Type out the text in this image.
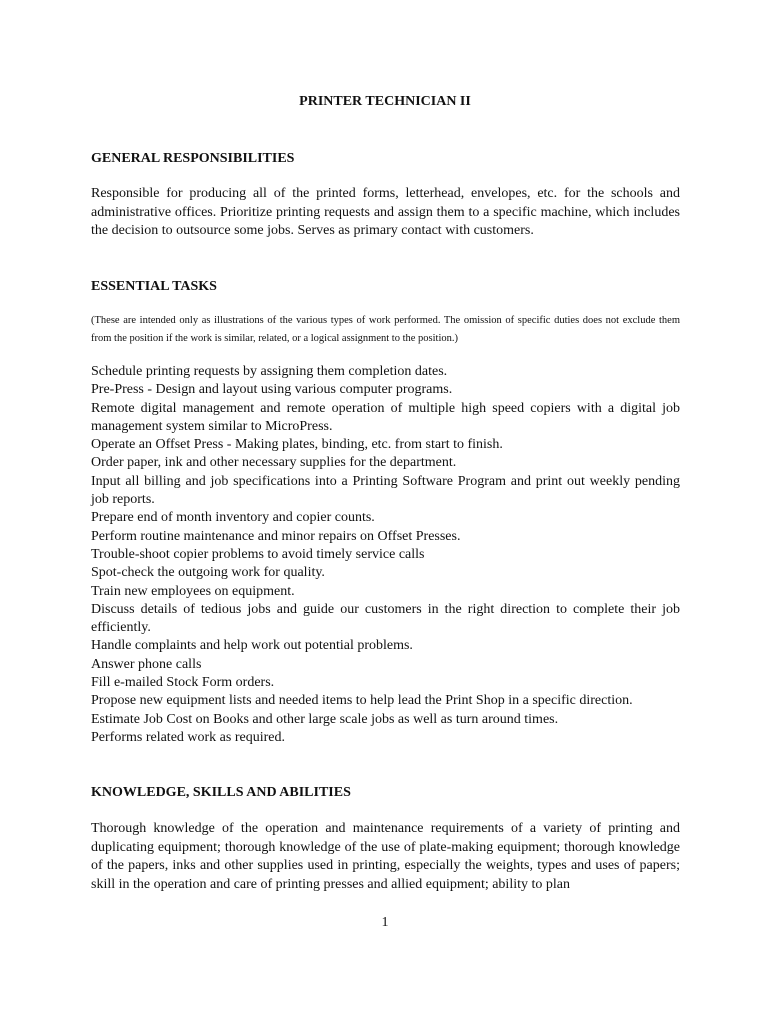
PRINTER TECHNICIAN II
GENERAL RESPONSIBILITIES
Responsible for producing all of the printed forms, letterhead, envelopes, etc. for the schools and administrative offices. Prioritize printing requests and assign them to a specific machine, which includes the decision to outsource some jobs. Serves as primary contact with customers.
ESSENTIAL TASKS
(These are intended only as illustrations of the various types of work performed. The omission of specific duties does not exclude them from the position if the work is similar, related, or a logical assignment to the position.)
Schedule printing requests by assigning them completion dates.
Pre-Press - Design and layout using various computer programs.
Remote digital management and remote operation of multiple high speed copiers with a digital job management system similar to MicroPress.
Operate an Offset Press - Making plates, binding, etc. from start to finish.
Order paper, ink and other necessary supplies for the department.
Input all billing and job specifications into a Printing Software Program and print out weekly pending job reports.
Prepare end of month inventory and copier counts.
Perform routine maintenance and minor repairs on Offset Presses.
Trouble-shoot copier problems to avoid timely service calls
Spot-check the outgoing work for quality.
Train new employees on equipment.
Discuss details of tedious jobs and guide our customers in the right direction to complete their job efficiently.
Handle complaints and help work out potential problems.
Answer phone calls
Fill e-mailed Stock Form orders.
Propose new equipment lists and needed items to help lead the Print Shop in a specific direction.
Estimate Job Cost on Books and other large scale jobs as well as turn around times.
Performs related work as required.
KNOWLEDGE, SKILLS AND ABILITIES
Thorough knowledge of the operation and maintenance requirements of a variety of printing and duplicating equipment; thorough knowledge of the use of plate-making equipment; thorough knowledge of the papers, inks and other supplies used in printing, especially the weights, types and uses of papers; skill in the operation and care of printing presses and allied equipment; ability to plan
1
